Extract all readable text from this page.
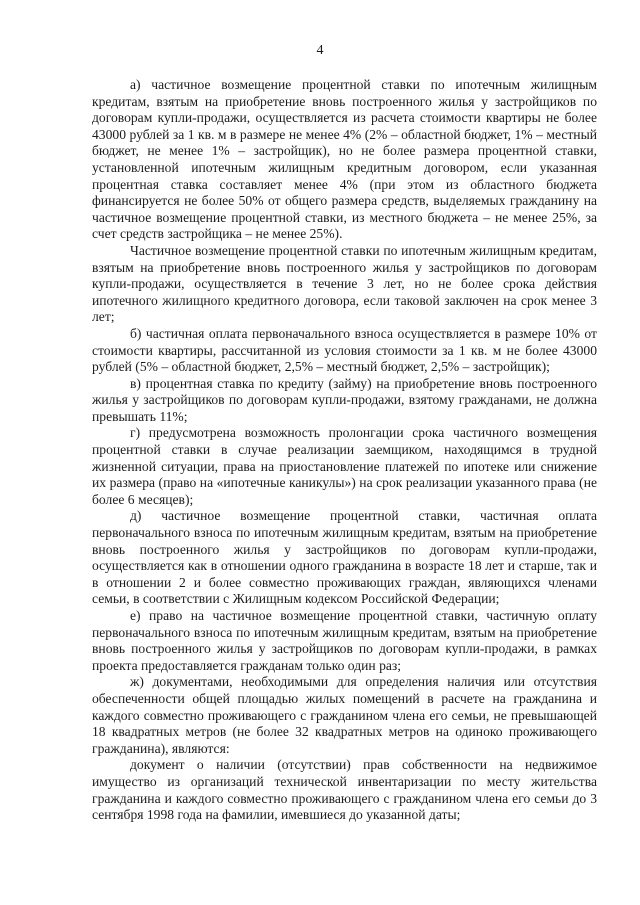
4

а) частичное возмещение процентной ставки по ипотечным жилищным кредитам, взятым на приобретение вновь построенного жилья у застройщиков по договорам купли-продажи, осуществляется из расчета стоимости квартиры не более 43000 рублей за 1 кв. м в размере не менее 4% (2% – областной бюджет, 1% – местный бюджет, не менее 1% – застройщик), но не более размера процентной ставки, установленной ипотечным жилищным кредитным договором, если указанная процентная ставка составляет менее 4% (при этом из областного бюджета финансируется не более 50% от общего размера средств, выделяемых гражданину на частичное возмещение процентной ставки, из местного бюджета – не менее 25%, за счет средств застройщика – не менее 25%).

Частичное возмещение процентной ставки по ипотечным жилищным кредитам, взятым на приобретение вновь построенного жилья у застройщиков по договорам купли-продажи, осуществляется в течение 3 лет, но не более срока действия ипотечного жилищного кредитного договора, если таковой заключен на срок менее 3 лет;

б) частичная оплата первоначального взноса осуществляется в размере 10% от стоимости квартиры, рассчитанной из условия стоимости за 1 кв. м не более 43000 рублей (5% – областной бюджет, 2,5% – местный бюджет, 2,5% – застройщик);

в) процентная ставка по кредиту (займу) на приобретение вновь построенного жилья у застройщиков по договорам купли-продажи, взятому гражданами, не должна превышать 11%;

г) предусмотрена возможность пролонгации срока частичного возмещения процентной ставки в случае реализации заемщиком, находящимся в трудной жизненной ситуации, права на приостановление платежей по ипотеке или снижение их размера (право на «ипотечные каникулы») на срок реализации указанного права (не более 6 месяцев);

д) частичное возмещение процентной ставки, частичная оплата первоначального взноса по ипотечным жилищным кредитам, взятым на приобретение вновь построенного жилья у застройщиков по договорам купли-продажи, осуществляется как в отношении одного гражданина в возрасте 18 лет и старше, так и в отношении 2 и более совместно проживающих граждан, являющихся членами семьи, в соответствии с Жилищным кодексом Российской Федерации;

е) право на частичное возмещение процентной ставки, частичную оплату первоначального взноса по ипотечным жилищным кредитам, взятым на приобретение вновь построенного жилья у застройщиков по договорам купли-продажи, в рамках проекта предоставляется гражданам только один раз;

ж) документами, необходимыми для определения наличия или отсутствия обеспеченности общей площадью жилых помещений в расчете на гражданина и каждого совместно проживающего с гражданином члена его семьи, не превышающей 18 квадратных метров (не более 32 квадратных метров на одиноко проживающего гражданина), являются:

документ о наличии (отсутствии) прав собственности на недвижимое имущество из организаций технической инвентаризации по месту жительства гражданина и каждого совместно проживающего с гражданином члена его семьи до 3 сентября 1998 года на фамилии, имевшиеся до указанной даты;
